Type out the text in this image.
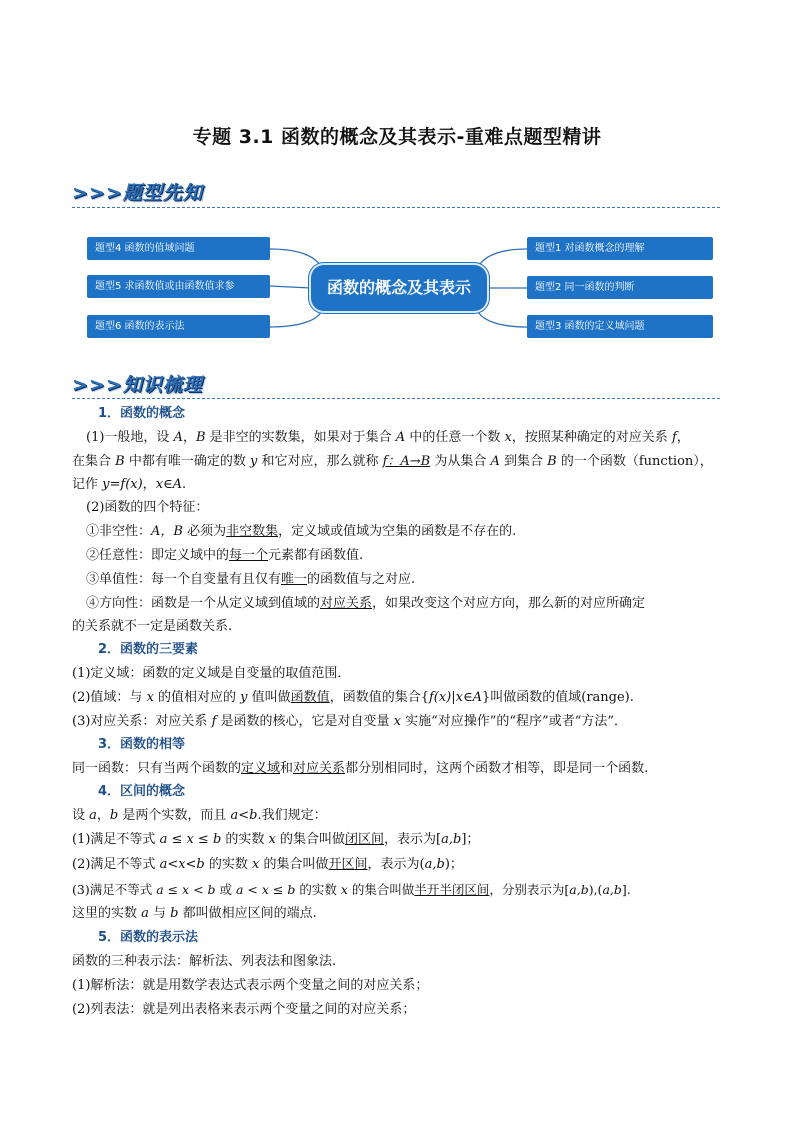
专题 3.1 函数的概念及其表示-重难点题型精讲
>>>题型先知
题型4 函数的值域问题
题型5 求函数值或由函数值求参
题型6 函数的表示法
函数的概念及其表示
题型1 对函数概念的理解
题型2 同一函数的判断
题型3 函数的定义域问题
>>>知识梳理
1．函数的概念
(1)一般地，设 A，B 是非空的实数集，如果对于集合 A 中的任意一个数 x，按照某种确定的对应关系 f，
在集合 B 中都有唯一确定的数 y 和它对应，那么就称 f：A→B 为从集合 A 到集合 B 的一个函数（function），
记作 y=f(x)，x∈A.
(2)函数的四个特征：
①非空性：A，B 必须为非空数集，定义域或值域为空集的函数是不存在的.
②任意性：即定义域中的每一个元素都有函数值.
③单值性：每一个自变量有且仅有唯一的函数值与之对应.
④方向性：函数是一个从定义域到值域的对应关系，如果改变这个对应方向，那么新的对应所确定
的关系就不一定是函数关系.
2．函数的三要素
(1)定义域：函数的定义域是自变量的取值范围．
(2)值域：与 x 的值相对应的 y 值叫做函数值，函数值的集合{f(x)|x∈A}叫做函数的值域(range).
(3)对应关系：对应关系 f 是函数的核心，它是对自变量 x 实施“对应操作”的“程序”或者“方法”．
3．函数的相等
同一函数：只有当两个函数的定义域和对应关系都分别相同时，这两个函数才相等，即是同一个函数.
4．区间的概念
设 a，b 是两个实数，而且 a<b.我们规定：
(1)满足不等式 a ≤ x ≤ b 的实数 x 的集合叫做闭区间，表示为[a,b]；
(2)满足不等式 a<x<b 的实数 x 的集合叫做开区间，表示为(a,b)；
(3)满足不等式 a ≤ x < b 或 a < x ≤ b 的实数 x 的集合叫做半开半闭区间，分别表示为[a,b),(a,b].
这里的实数 a 与 b 都叫做相应区间的端点.
5．函数的表示法
函数的三种表示法：解析法、列表法和图象法.
(1)解析法：就是用数学表达式表示两个变量之间的对应关系；
(2)列表法：就是列出表格来表示两个变量之间的对应关系；
